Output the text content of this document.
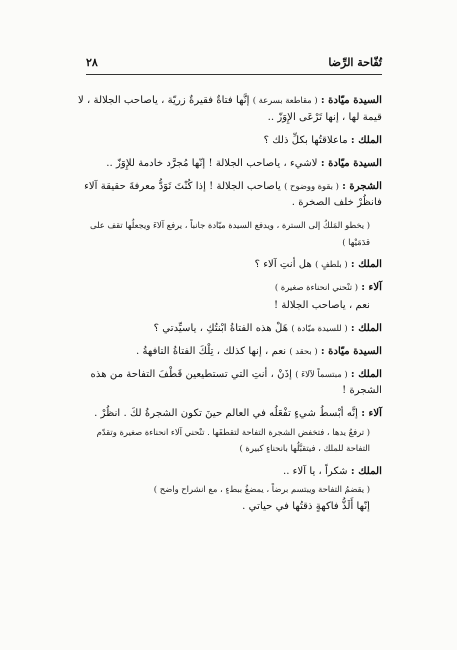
تُفّاحة الرِّضا
٢٨

السيدة ميّادة : ( مقاطعة بسرعة ) إنَّها فتاةٌ فقيرةٌ زريّة ، ياصاحب الجلالة ، لا قيمة لها ، إنها تَرْعَى الإِوَزّ ..

الملك : ماعلاقتُها بكلِّ ذلك ؟

السيدة ميّادة : لاشيء ، ياصاحب الجلالة ! إنّها مُجرَّد خادمة للإِوَزّ ..

الشجرة : ( بقوة ووضوح ) ياصاحب الجلالة ! إذا كُنْتَ تَوَدُّ معرفةَ حقيقة آلاء فانظُرْ خلف الصخرة .

( يخطو المَلكُ إلى السترة ، ويدفع السيدة ميّادة جانباً ، يرفع آلاءَ ويجعلُها تقف على قدَمَيْها )

الملك : ( بلطفٍ ) هل أنتِ آلاء ؟

آلاء : ( تنْحني انحناءة صغيرة )

نعم ، ياصاحب الجلالة !

الملك : ( للسيدة ميّادة ) هَلْ هذه الفتاةُ ابْنتُكِ ، ياسيِّدتي ؟

السيدة ميّادة : ( بحقد ) نعم ، إنها كذلك ، تِلْكَ الفتاةُ التافهةُ .

الملك : ( مبتسماً لآلاءَ ) إذَنْ ، أنتِ التي تستطيعين قَطْفَ التفاحة من هذه الشجرة !

آلاء : إنَّه أبْسطُ شيءٍ تفْعَلُه في العالم حينَ تكون الشجرةُ لكَ . انظُرْ .

( ترفعُ يدها ، فتخفض الشجرة التفاحة لتقطفَها . تنْحني آلاء انحناءة صغيرة وتقدّم التفاحة للملك ، فيتقبَّلُها بانحناءٍ كبيرة )

الملك : شكراً ، يا آلاء ..

( يقضمُ التفاحة ويبتسم برضاً ، يمضغُ ببطءٍ ، مع انشراح واضح )

إنّها أَلَذُّ فاكهةٍ ذقتُها في حياتي .
